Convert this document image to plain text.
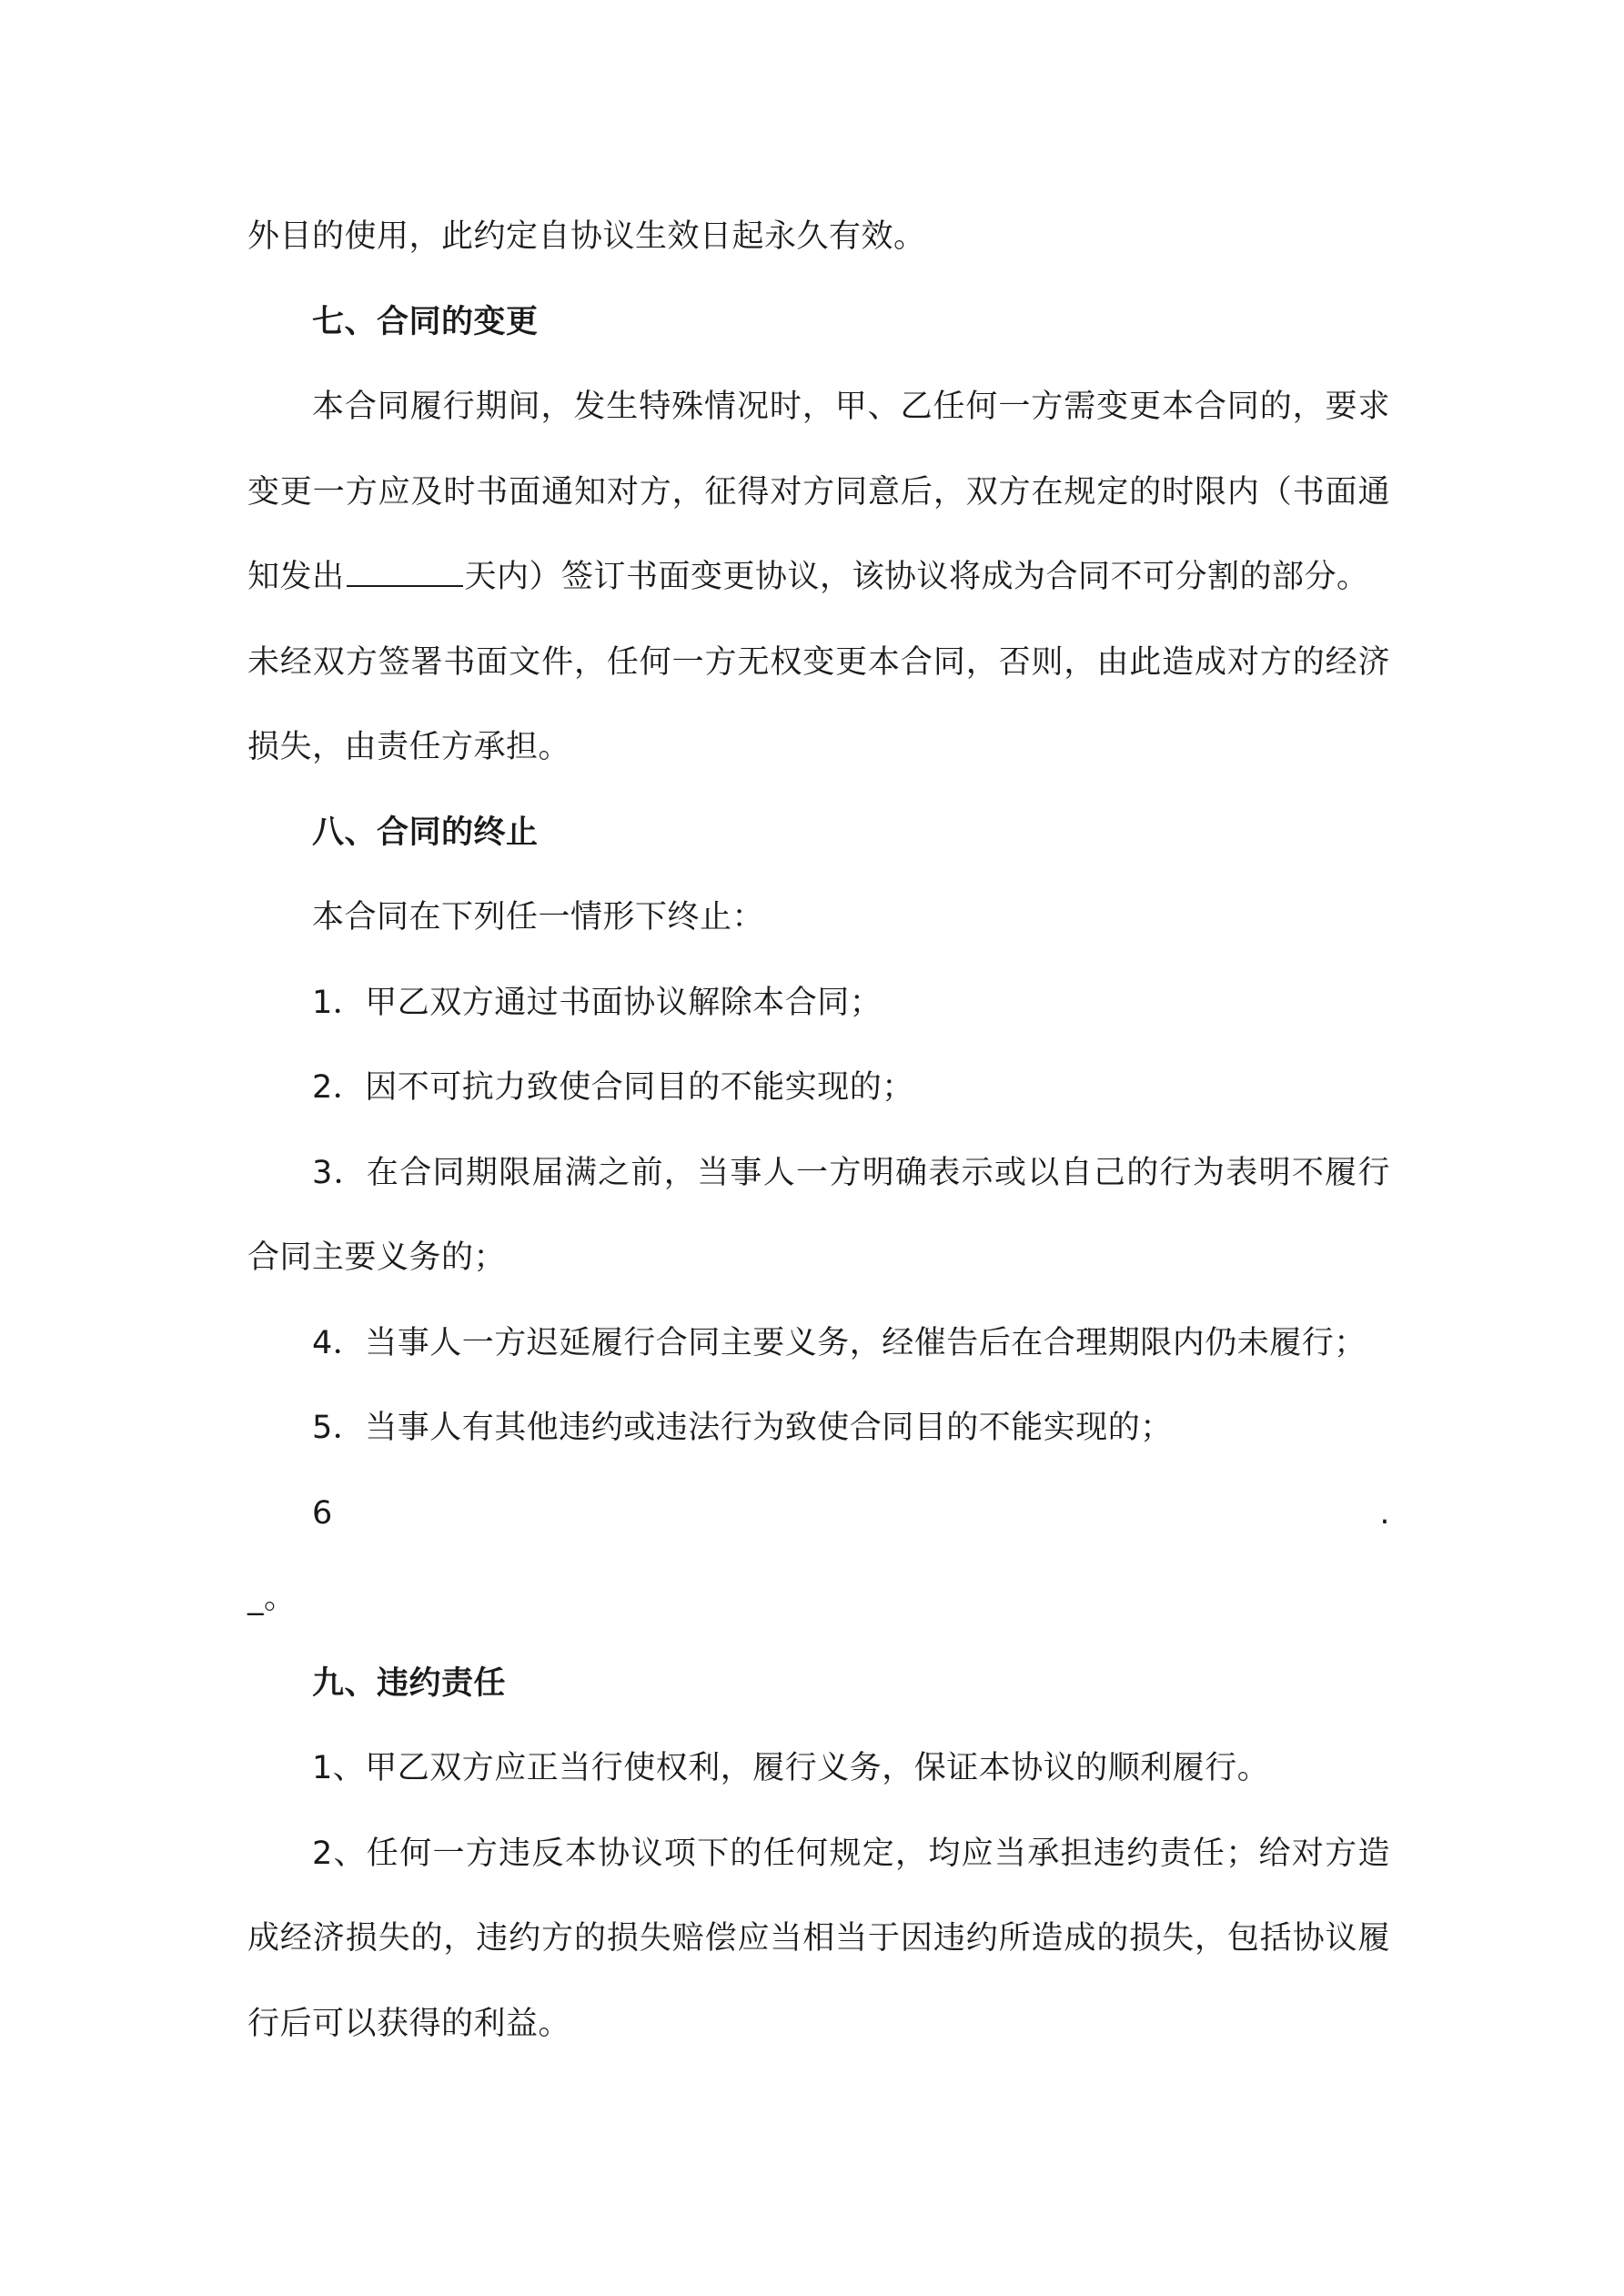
外目的使用，此约定自协议生效日起永久有效。
七、合同的变更
本合同履行期间，发生特殊情况时，甲、乙任何一方需变更本合同的，要求
变更一方应及时书面通知对方，征得对方同意后，双方在规定的时限内（书面通
知发出	天内）签订书面变更协议，该协议将成为合同不可分割的部分。
未经双方签署书面文件，任何一方无权变更本合同，否则，由此造成对方的经济
损失，由责任方承担。
八、合同的终止
本合同在下列任一情形下终止：
1．甲乙双方通过书面协议解除本合同；
2．因不可抗力致使合同目的不能实现的；
3．在合同期限届满之前，当事人一方明确表示或以自己的行为表明不履行
合同主要义务的；
4．当事人一方迟延履行合同主要义务，经催告后在合理期限内仍未履行；
5．当事人有其他违约或违法行为致使合同目的不能实现的；
6	.
_。
九、违约责任
1、甲乙双方应正当行使权利，履行义务，保证本协议的顺利履行。
2、任何一方违反本协议项下的任何规定，均应当承担违约责任；给对方造
成经济损失的，违约方的损失赔偿应当相当于因违约所造成的损失，包括协议履
行后可以获得的利益。
